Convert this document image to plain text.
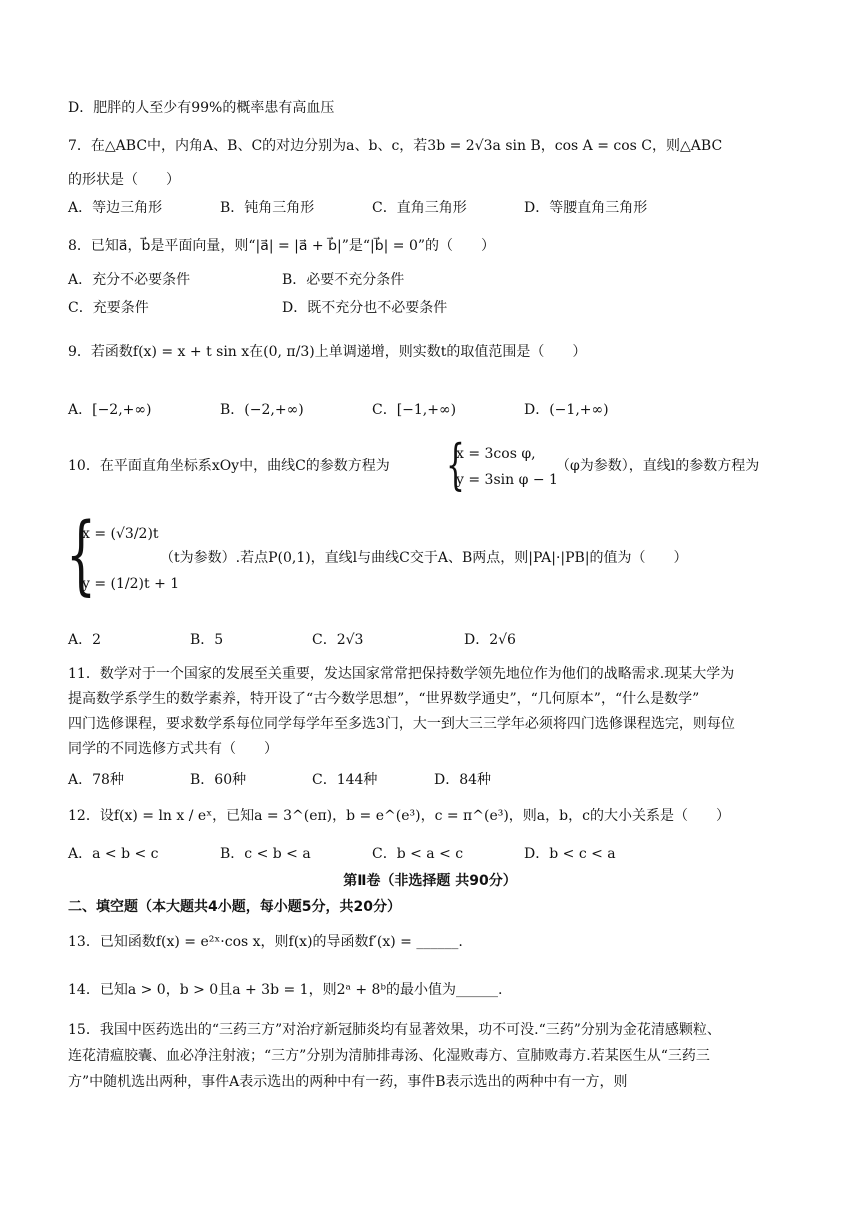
D．肥胖的人至少有99%的概率患有高血压
7．在△ABC中，内角A、B、C的对边分别为a、b、c，若3b = 2√3a sin B，cos A = cos C，则△ABC
的形状是（　　）
A．等边三角形	B．钝角三角形	C．直角三角形	D．等腰直角三角形
8．已知a⃗，b⃗是平面向量，则“|a⃗| = |a⃗ + b⃗|”是“|b⃗| = 0”的（　　）
A．充分不必要条件	B．必要不充分条件
C．充要条件	D．既不充分也不必要条件
9．若函数f(x) = x + t sin x在(0, π/3)上单调递增，则实数t的取值范围是（　　）
A．[−2,+∞)	B．(−2,+∞)	C．[−1,+∞)	D．(−1,+∞)
10．在平面直角坐标系xOy中，曲线C的参数方程为 {
x = 3cos φ,
y = 3sin φ − 1
（φ为参数），直线l的参数方程为
{
x = (√3/2)t
y = (1/2)t + 1
（t为参数）.若点P(0,1)，直线l与曲线C交于A、B两点，则|PA|·|PB|的值为（　　）
A．2	B．5	C．2√3	D．2√6
11．数学对于一个国家的发展至关重要，发达国家常常把保持数学领先地位作为他们的战略需求.现某大学为
提高数学系学生的数学素养，特开设了“古今数学思想”，“世界数学通史”，“几何原本”，“什么是数学”
四门选修课程，要求数学系每位同学每学年至多选3门，大一到大三三学年必须将四门选修课程选完，则每位
同学的不同选修方式共有（　　）
A．78种	B．60种	C．144种	D．84种
12．设f(x) = ln x / eˣ，已知a = 3^(eπ)，b = e^(e³)，c = π^(e³)，则a，b，c的大小关系是（　　）
A．a < b < c	B．c < b < a	C．b < a < c	D．b < c < a
第Ⅱ卷（非选择题 共90分）
二、填空题（本大题共4小题，每小题5分，共20分）
13．已知函数f(x) = e²ˣ·cos x，则f(x)的导函数f′(x) = ______.
14．已知a > 0，b > 0且a + 3b = 1，则2ᵃ + 8ᵇ的最小值为______.
15．我国中医药选出的“三药三方”对治疗新冠肺炎均有显著效果，功不可没.“三药”分别为金花清感颗粒、
连花清瘟胶囊、血必净注射液；“三方”分别为清肺排毒汤、化湿败毒方、宣肺败毒方.若某医生从“三药三
方”中随机选出两种，事件A表示选出的两种中有一药，事件B表示选出的两种中有一方，则
